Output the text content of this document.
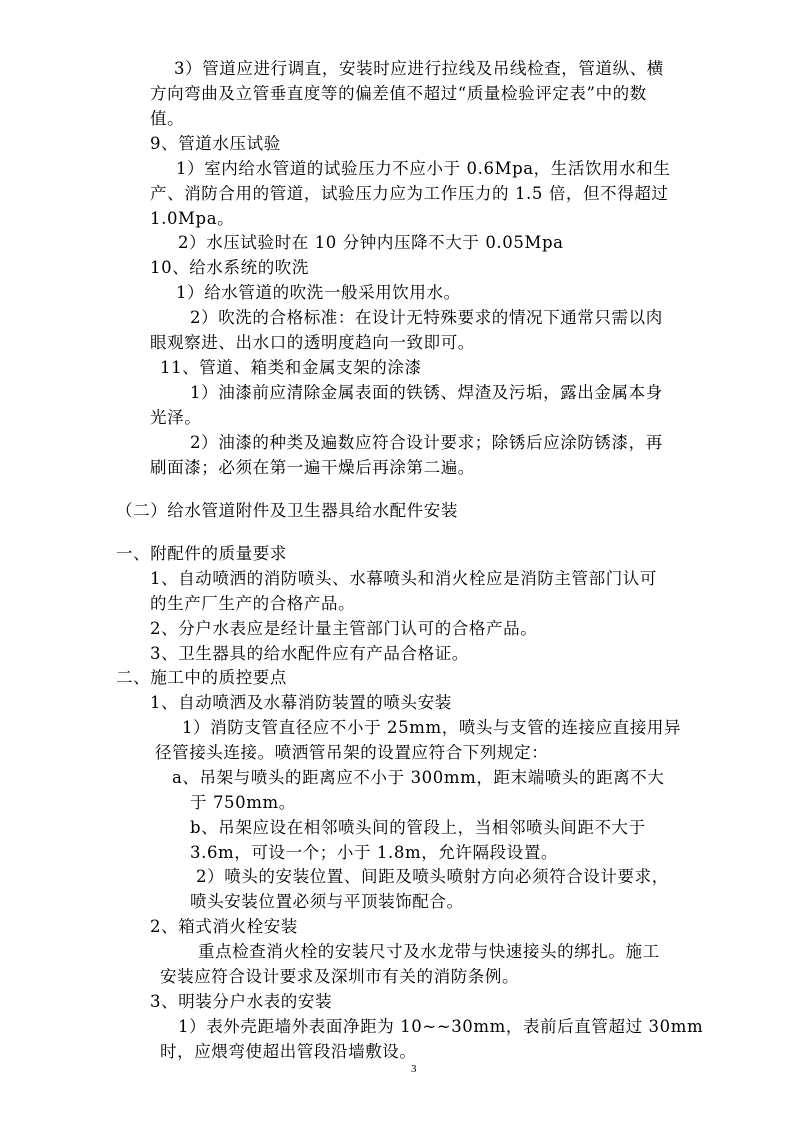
3）管道应进行调直，安装时应进行拉线及吊线检查，管道纵、横
方向弯曲及立管垂直度等的偏差值不超过“质量检验评定表”中的数
值。
9、管道水压试验
1）室内给水管道的试验压力不应小于 0.6Mpa，生活饮用水和生
产、消防合用的管道，试验压力应为工作压力的 1.5 倍，但不得超过
1.0Mpa。
2）水压试验时在 10 分钟内压降不大于 0.05Mpa
10、给水系统的吹洗
1）给水管道的吹洗一般采用饮用水。
2）吹洗的合格标准：在设计无特殊要求的情况下通常只需以肉
眼观察进、出水口的透明度趋向一致即可。
11、管道、箱类和金属支架的涂漆
1）油漆前应清除金属表面的铁锈、焊渣及污垢，露出金属本身
光泽。
2）油漆的种类及遍数应符合设计要求；除锈后应涂防锈漆，再
刷面漆；必须在第一遍干燥后再涂第二遍。
（二）给水管道附件及卫生器具给水配件安装
一、附配件的质量要求
1、自动喷洒的消防喷头、水幕喷头和消火栓应是消防主管部门认可
的生产厂生产的合格产品。
2、分户水表应是经计量主管部门认可的合格产品。
3、卫生器具的给水配件应有产品合格证。
二、施工中的质控要点
1、自动喷洒及水幕消防装置的喷头安装
1）消防支管直径应不小于 25mm，喷头与支管的连接应直接用异
径管接头连接。喷洒管吊架的设置应符合下列规定：
a、吊架与喷头的距离应不小于 300mm，距末端喷头的距离不大
于 750mm。
b、吊架应设在相邻喷头间的管段上，当相邻喷头间距不大于
3.6m，可设一个；小于 1.8m，允许隔段设置。
2）喷头的安装位置、间距及喷头喷射方向必须符合设计要求，
喷头安装位置必须与平顶装饰配合。
2、箱式消火栓安装
重点检查消火栓的安装尺寸及水龙带与快速接头的绑扎。施工
安装应符合设计要求及深圳市有关的消防条例。
3、明装分户水表的安装
1）表外壳距墙外表面净距为 10~~30mm，表前后直管超过 30mm
时，应煨弯使超出管段沿墙敷设。
3
